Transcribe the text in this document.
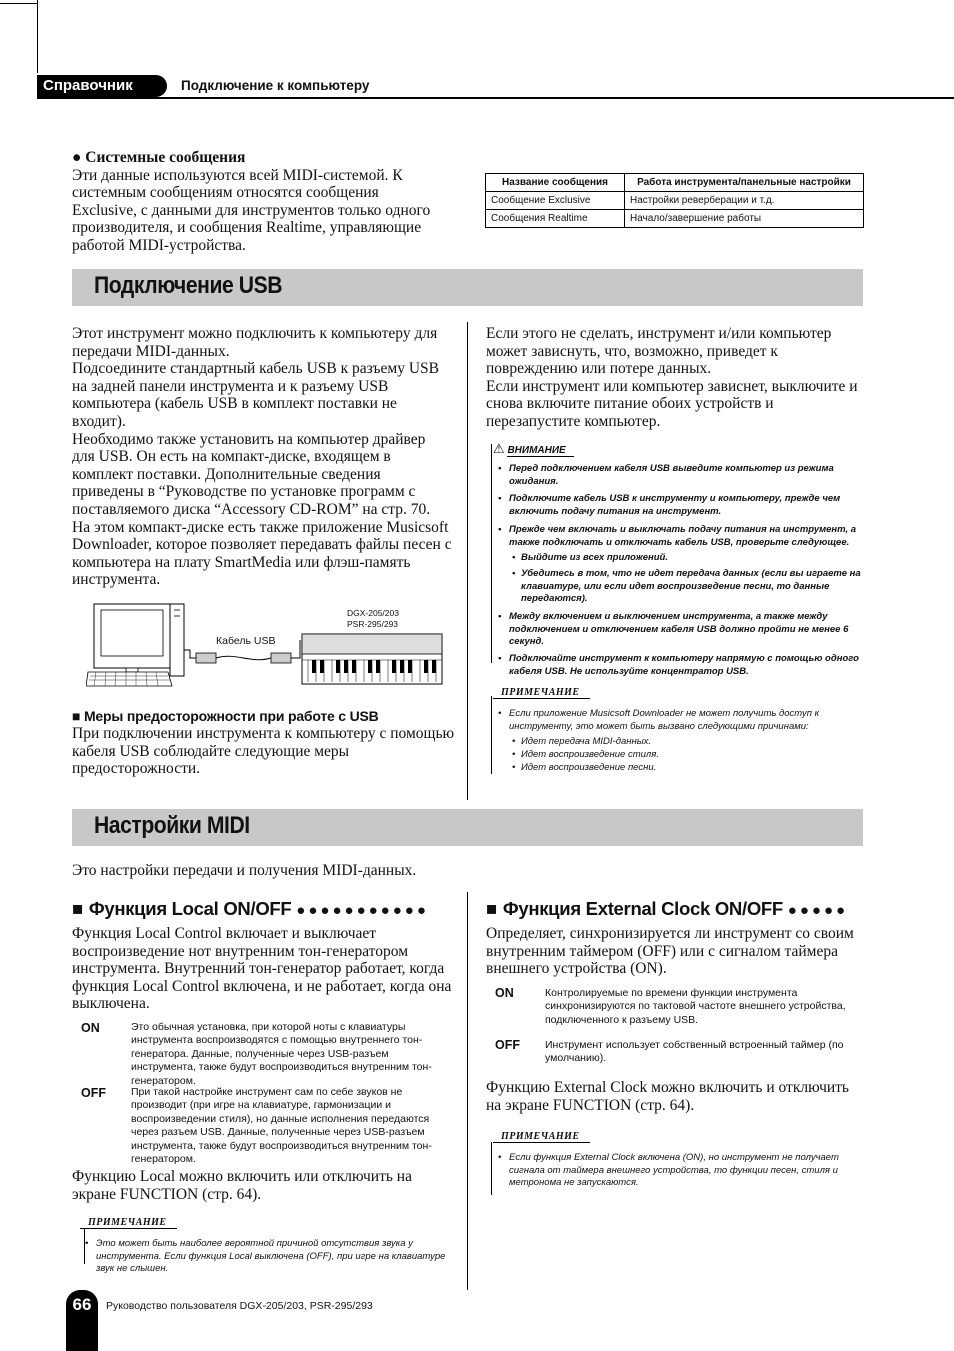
Справочник	Подключение к компьютеру
● Системные сообщения

Эти данные используются всей MIDI-системой. К системным сообщениям относятся сообщения Exclusive, с данными для инструментов только одного производителя, и сообщения Realtime, управляющие работой MIDI-устройства.

Название сообщения	Работа инструмента/панельные настройки
Сообщение Exclusive	Настройки реверберации и т.д.
Сообщения Realtime	Начало/завершение работы
Подключение USB

Этот инструмент можно подключить к компьютеру для передачи MIDI-данных.

Подсоедините стандартный кабель USB к разъему USB на задней панели инструмента и к разъему USB компьютера (кабель USB в комплект поставки не входит).

Необходимо также установить на компьютер драйвер для USB. Он есть на компакт-диске, входящем в комплект поставки. Дополнительные сведения приведены в “Руководстве по установке программ с поставляемого диска “Accessory CD-ROM” на стр. 70.

На этом компакт-диске есть также приложение Musicsoft Downloader, которое позволяет передавать файлы песен с компьютера на плату SmartMedia или флэш-память инструмента.

Кабель USB
DGX-205/203
PSR-295/293
■ Меры предосторожности при работе с USB

При подключении инструмента к компьютеру с помощью кабеля USB соблюдайте следующие меры предосторожности.

Если этого не сделать, инструмент и/или компьютер может зависнуть, что, возможно, приведет к повреждению или потере данных.

Если инструмент или компьютер зависнет, выключите и снова включите питание обоих устройств и перезапустите компьютер.

⚠ ВНИМАНИЕ
• Перед подключением кабеля USB выведите компьютер из режима ожидания.
• Подключите кабель USB к инструменту и компьютеру, прежде чем включить подачу питания на инструмент.
• Прежде чем включать и выключать подачу питания на инструмент, а также подключать и отключать кабель USB, проверьте следующее.
• Выйдите из всех приложений.
• Убедитесь в том, что не идет передача данных (если вы играете на клавиатуре, или если идет воспроизведение песни, то данные передаются).
• Между включением и выключением инструмента, а также между подключением и отключением кабеля USB должно пройти не менее 6 секунд.
• Подключайте инструмент к компьютеру напрямую с помощью одного кабеля USB. Не используйте концентратор USB.
ПРИМЕЧАНИЕ
• Если приложение Musicsoft Downloader не может получить доступ к инструменту, это может быть вызвано следующими причинами:
• Идет передача MIDI-данных.
• Идет воспроизведение стиля.
• Идет воспроизведение песни.
Настройки MIDI

Это настройки передачи и получения MIDI-данных.

■ Функция Local ON/OFF ●●●●●●●●●●●

Функция Local Control включает и выключает воспроизведение нот внутренним тон-генератором инструмента. Внутренний тон-генератор работает, когда функция Local Control включена, и не работает, когда она выключена.

ON	Это обычная установка, при которой ноты с клавиатуры инструмента воспроизводятся с помощью внутреннего тон-генератора. Данные, полученные через USB-разъем инструмента, также будут воспроизводиться внутренним тон-генератором.

OFF При такой настройке инструмент сам по себе звуков не производит (при игре на клавиатуре, гармонизации и воспроизведении стиля), но данные исполнения передаются через разъем USB. Данные, полученные через USB-разъем инструмента, также будут воспроизводиться внутренним тон-генератором.

Функцию Local можно включить или отключить на экране FUNCTION (стр. 64).

ПРИМЕЧАНИЕ
• Это может быть наиболее вероятной причиной отсутствия звука у инструмента. Если функция Local выключена (OFF), при игре на клавиатуре звук не слышен.
■ Функция External Clock ON/OFF ●●●●●

Определяет, синхронизируется ли инструмент со своим внутренним таймером (OFF) или с сигналом таймера внешнего устройства (ON).

ON	Контролируемые по времени функции инструмента синхронизируются по тактовой частоте внешнего устройства, подключенного к разъему USB.

OFF Инструмент использует собственный встроенный таймер (по умолчанию).

Функцию External Clock можно включить и отключить на экране FUNCTION (стр. 64).

ПРИМЕЧАНИЕ
• Если функция External Clock включена (ON), но инструмент не получает сигнала от таймера внешнего устройства, то функции песен, стиля и метронома не запускаются.
66	Руководство пользователя DGX-205/203, PSR-295/293
